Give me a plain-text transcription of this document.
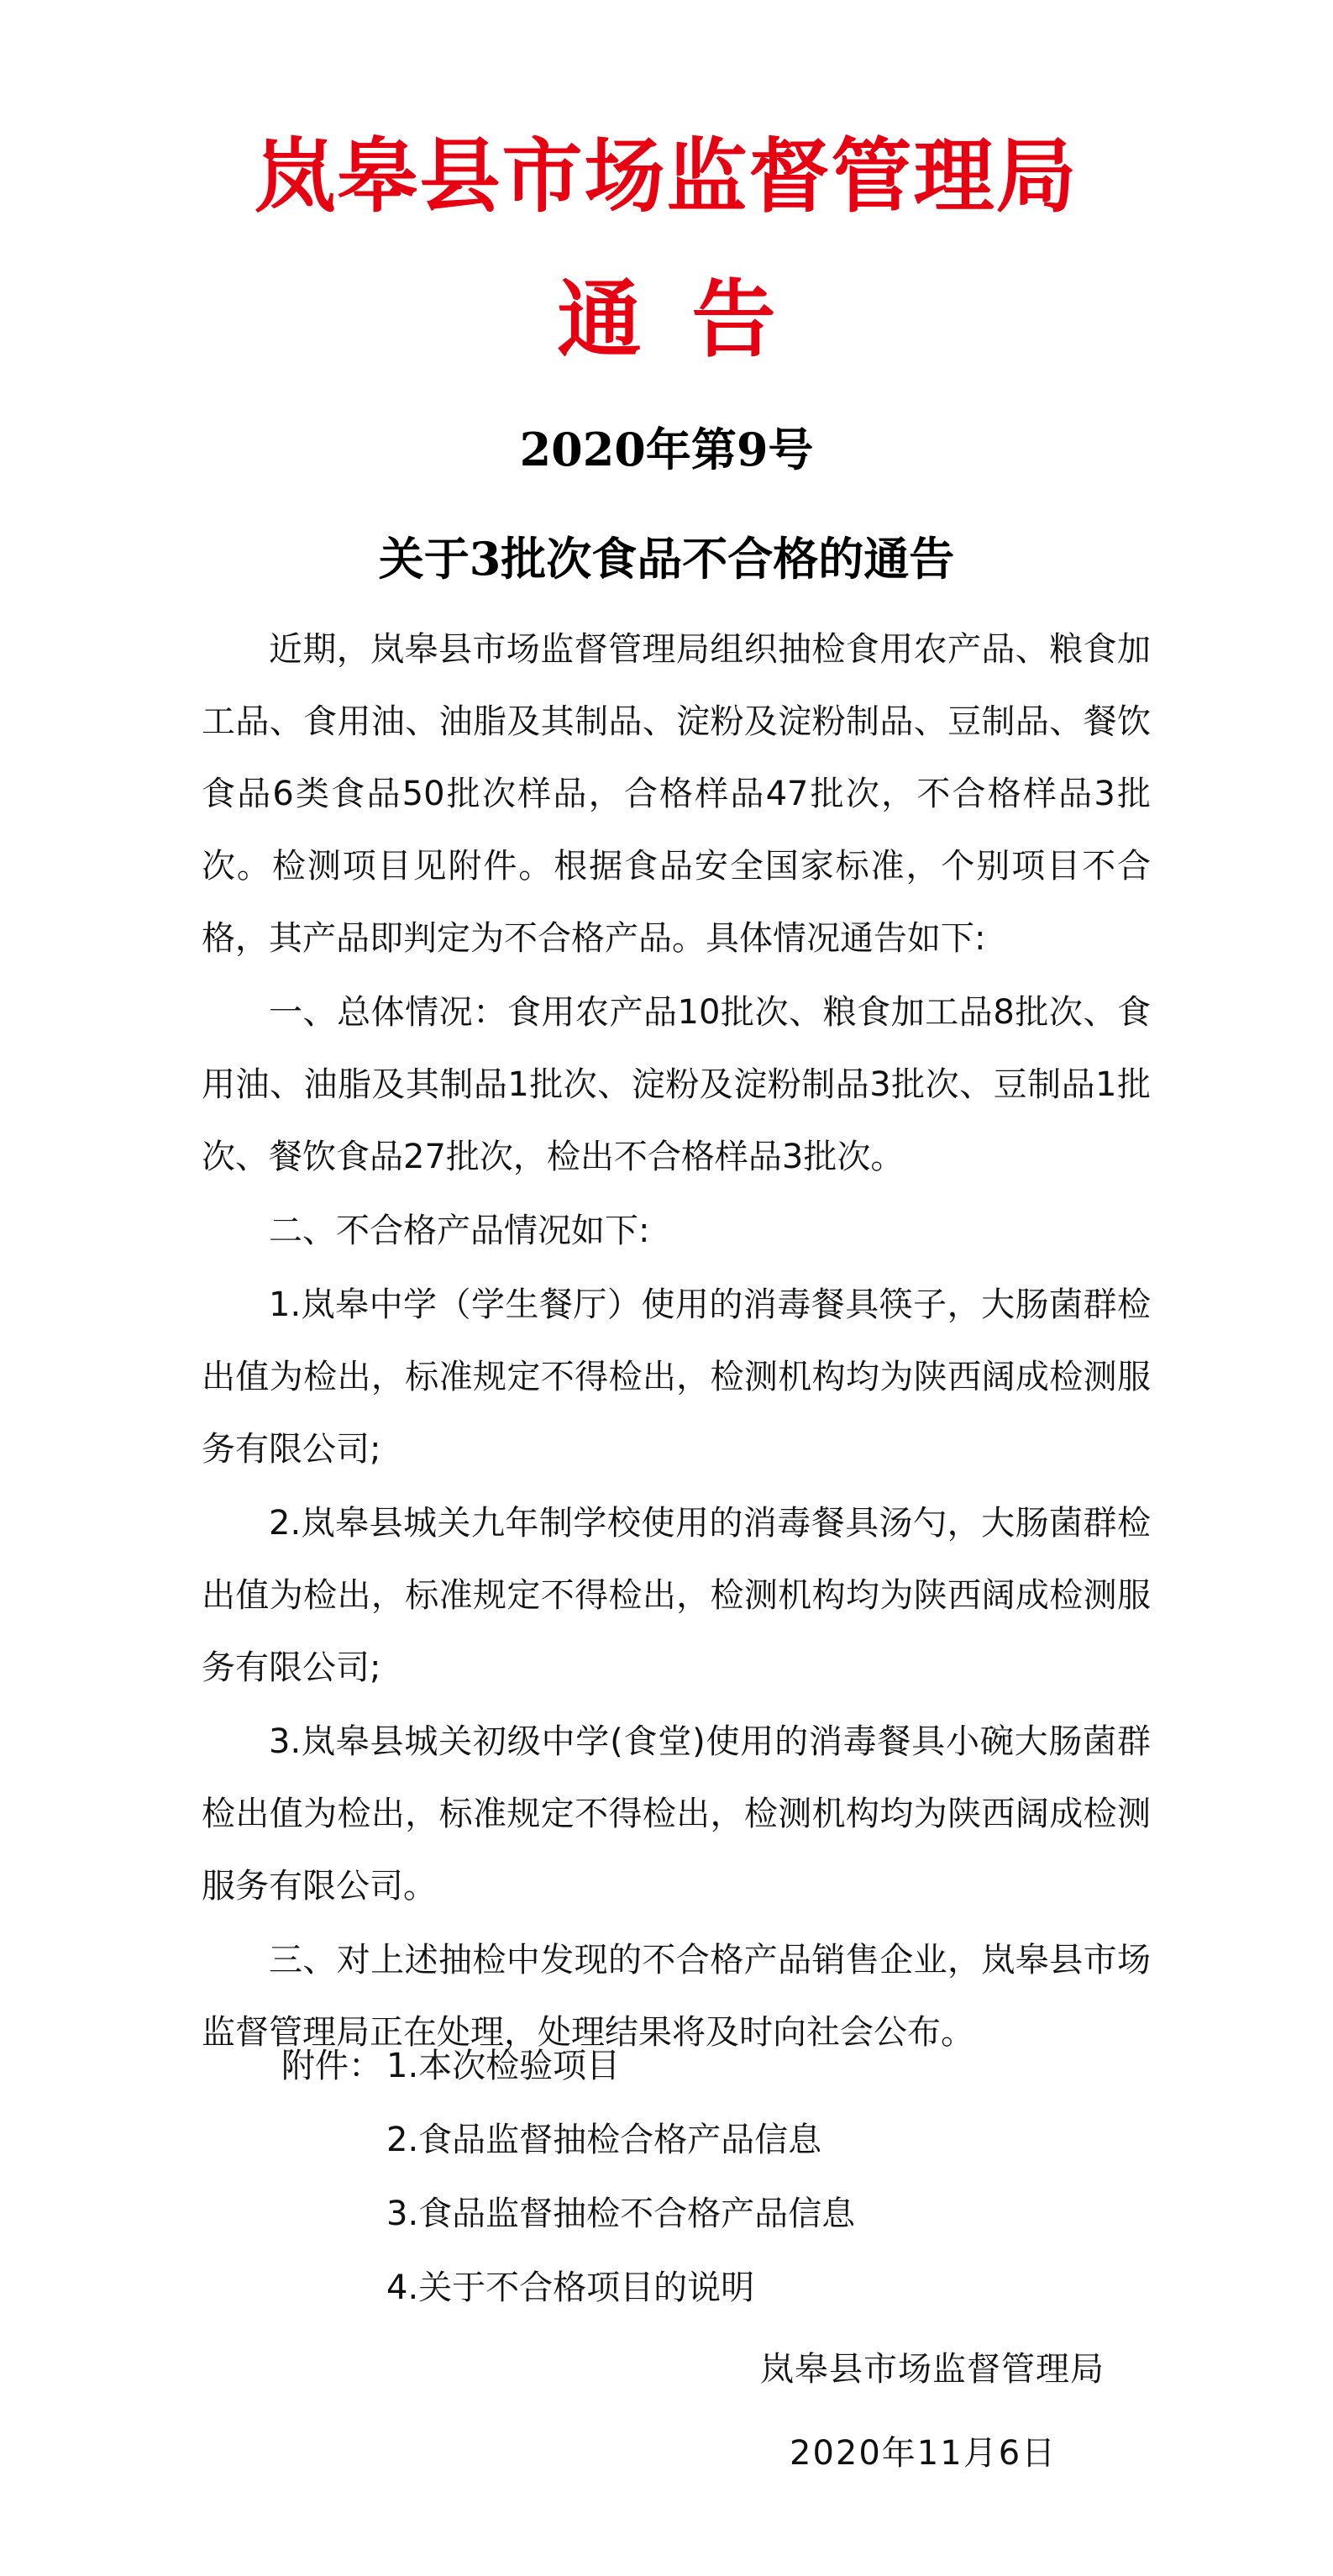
岚皋县市场监督管理局
通 告
2020年第9号
关于3批次食品不合格的通告

近期，岚皋县市场监督管理局组织抽检食用农产品、粮食加工品、食用油、油脂及其制品、淀粉及淀粉制品、豆制品、餐饮食品6类食品50批次样品，合格样品47批次，不合格样品3批次。检测项目见附件。根据食品安全国家标准，个别项目不合格，其产品即判定为不合格产品。具体情况通告如下:

一、总体情况：食用农产品10批次、粮食加工品8批次、食用油、油脂及其制品1批次、淀粉及淀粉制品3批次、豆制品1批次、餐饮食品27批次，检出不合格样品3批次。

二、不合格产品情况如下:

1.岚皋中学（学生餐厅）使用的消毒餐具筷子，大肠菌群检出值为检出，标准规定不得检出，检测机构均为陕西阔成检测服务有限公司;

2.岚皋县城关九年制学校使用的消毒餐具汤勺，大肠菌群检出值为检出，标准规定不得检出，检测机构均为陕西阔成检测服务有限公司;

3.岚皋县城关初级中学(食堂)使用的消毒餐具小碗大肠菌群检出值为检出，标准规定不得检出，检测机构均为陕西阔成检测服务有限公司。

三、对上述抽检中发现的不合格产品销售企业，岚皋县市场监督管理局正在处理，处理结果将及时向社会公布。

附件： 1.本次检验项目
2.食品监督抽检合格产品信息
3.食品监督抽检不合格产品信息
4.关于不合格项目的说明
岚皋县市场监督管理局
2020年11月6日
